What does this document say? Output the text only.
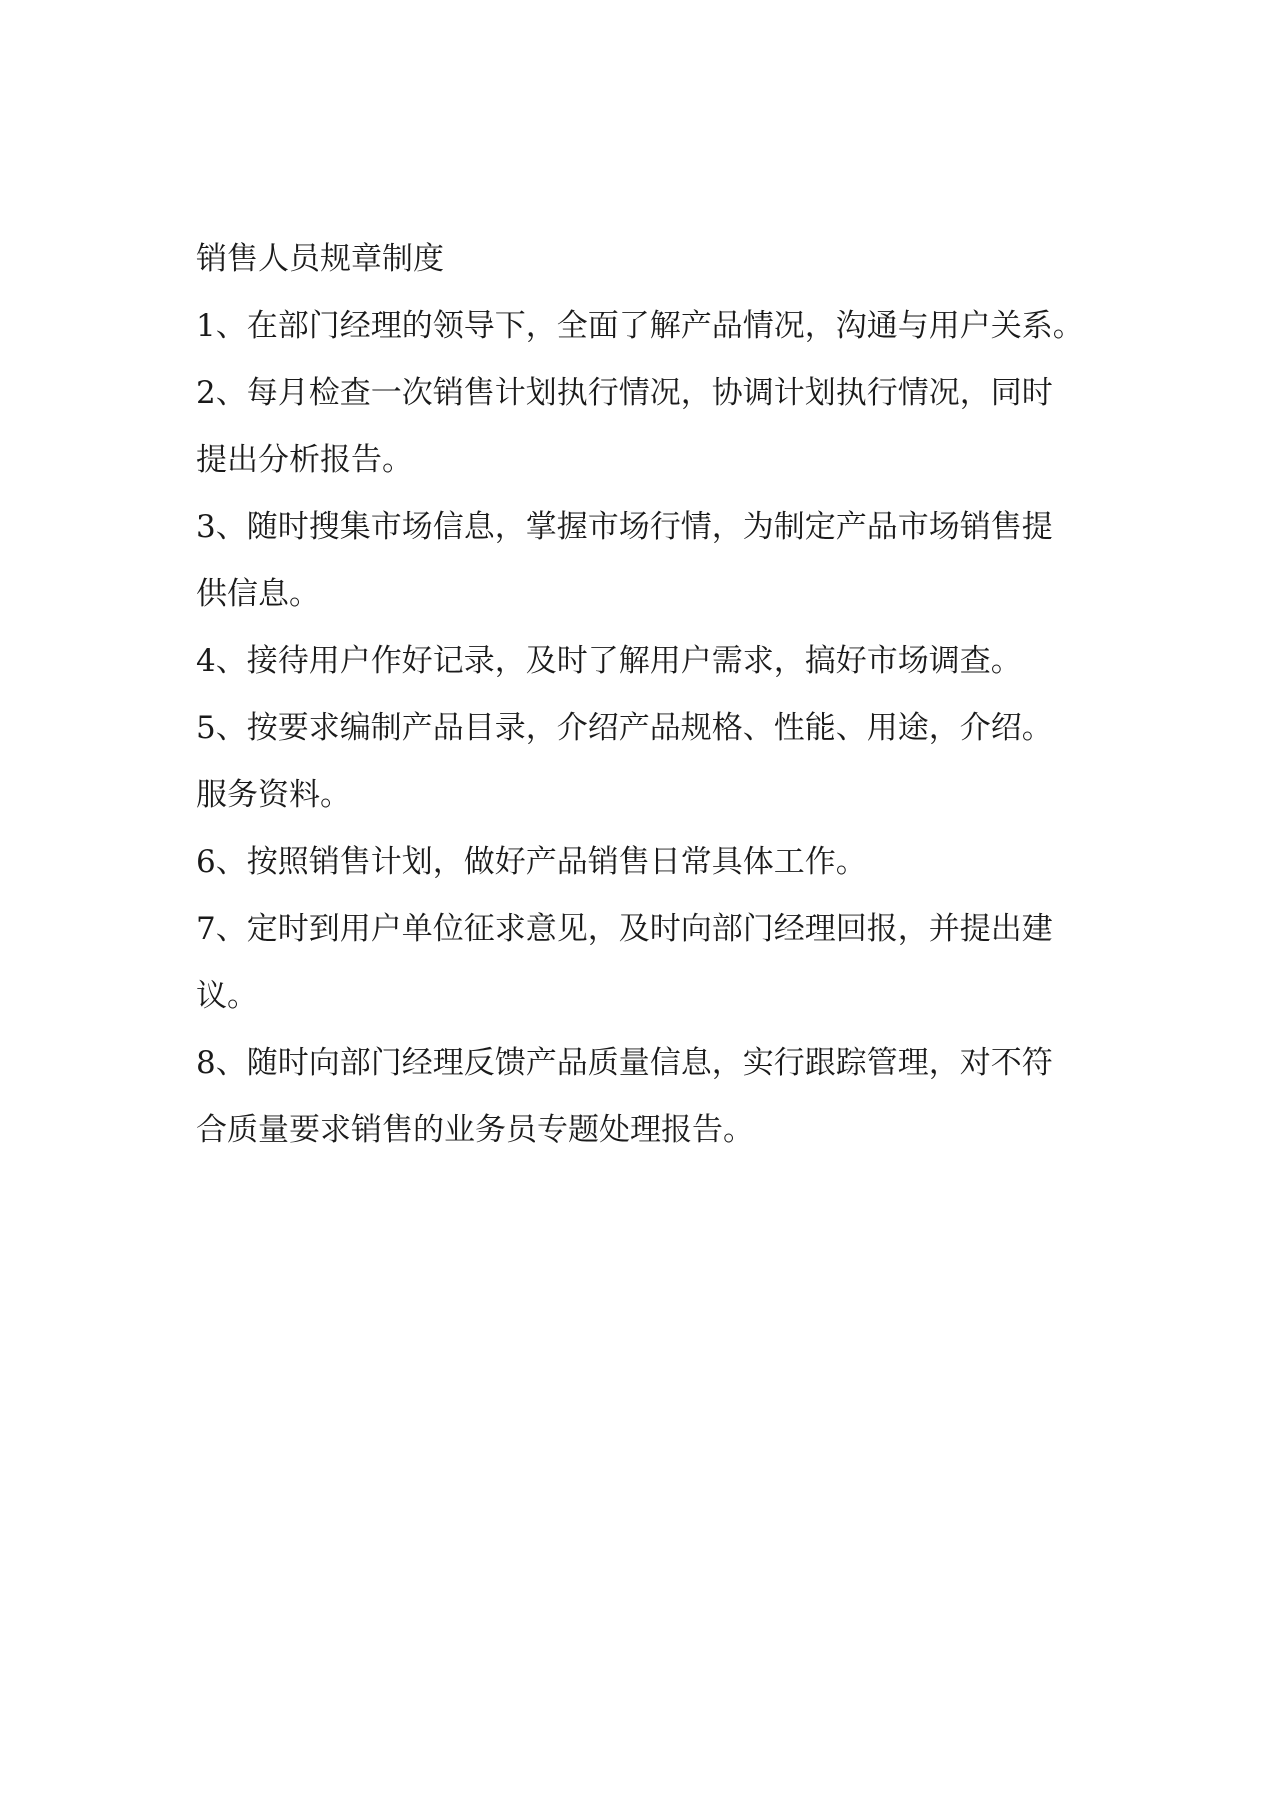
销售人员规章制度
1、在部门经理的领导下，全面了解产品情况，沟通与用户关系。
2、每月检查一次销售计划执行情况，协调计划执行情况，同时
提出分析报告。
3、随时搜集市场信息，掌握市场行情，为制定产品市场销售提
供信息。
4、接待用户作好记录，及时了解用户需求，搞好市场调查。
5、按要求编制产品目录，介绍产品规格、性能、用途，介绍。
服务资料。
6、按照销售计划，做好产品销售日常具体工作。
7、定时到用户单位征求意见，及时向部门经理回报，并提出建
议。
8、随时向部门经理反馈产品质量信息，实行跟踪管理，对不符
合质量要求销售的业务员专题处理报告。
